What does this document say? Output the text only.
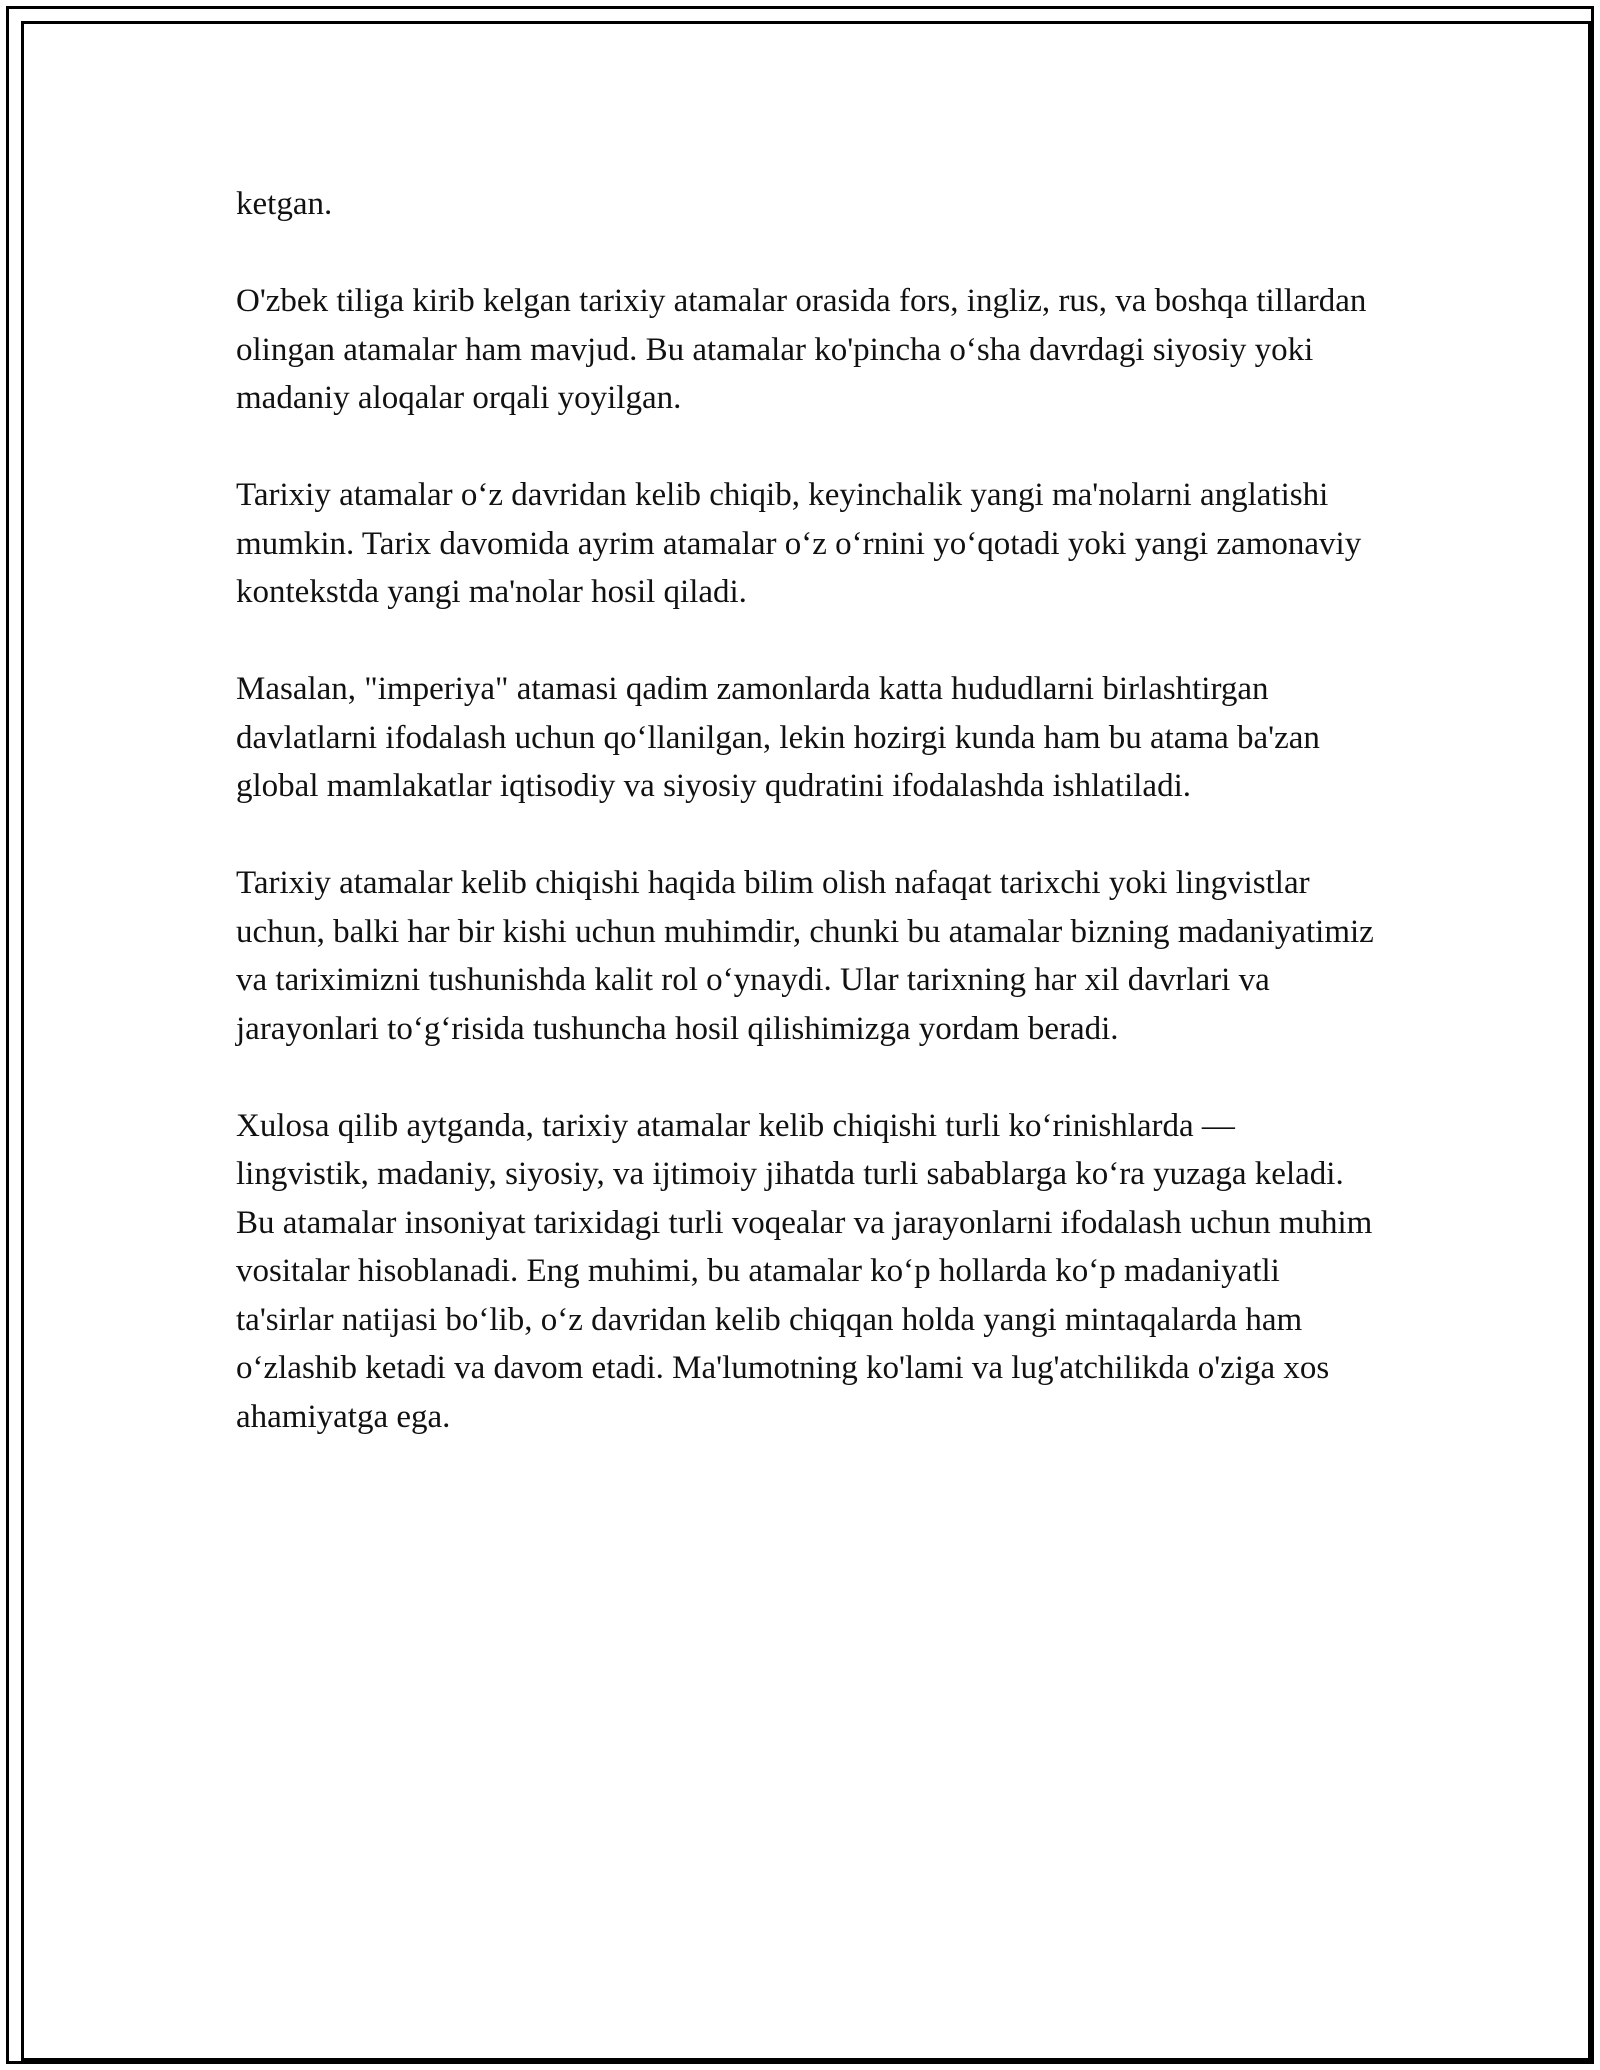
ketgan.

O'zbek tiliga kirib kelgan tarixiy atamalar orasida fors, ingliz, rus, va boshqa tillardan olingan atamalar ham mavjud. Bu atamalar ko'pincha o‘sha davrdagi siyosiy yoki madaniy aloqalar orqali yoyilgan.

Tarixiy atamalar o‘z davridan kelib chiqib, keyinchalik yangi ma'nolarni anglatishi mumkin. Tarix davomida ayrim atamalar o‘z o‘rnini yo‘qotadi yoki yangi zamonaviy kontekstda yangi ma'nolar hosil qiladi.

Masalan, "imperiya" atamasi qadim zamonlarda katta hududlarni birlashtirgan davlatlarni ifodalash uchun qo‘llanilgan, lekin hozirgi kunda ham bu atama ba'zan global mamlakatlar iqtisodiy va siyosiy qudratini ifodalashda ishlatiladi.

Tarixiy atamalar kelib chiqishi haqida bilim olish nafaqat tarixchi yoki lingvistlar uchun, balki har bir kishi uchun muhimdir, chunki bu atamalar bizning madaniyatimiz va tariximizni tushunishda kalit rol o‘ynaydi. Ular tarixning har xil davrlari va jarayonlari to‘g‘risida tushuncha hosil qilishimizga yordam beradi.

Xulosa qilib aytganda, tarixiy atamalar kelib chiqishi turli ko‘rinishlarda — lingvistik, madaniy, siyosiy, va ijtimoiy jihatda turli sabablarga ko‘ra yuzaga keladi. Bu atamalar insoniyat tarixidagi turli voqealar va jarayonlarni ifodalash uchun muhim vositalar hisoblanadi. Eng muhimi, bu atamalar ko‘p hollarda ko‘p madaniyatli ta'sirlar natijasi bo‘lib, o‘z davridan kelib chiqqan holda yangi mintaqalarda ham o‘zlashib ketadi va davom etadi. Ma'lumotning ko'lami va lug'atchilikda o'ziga xos ahamiyatga ega.
